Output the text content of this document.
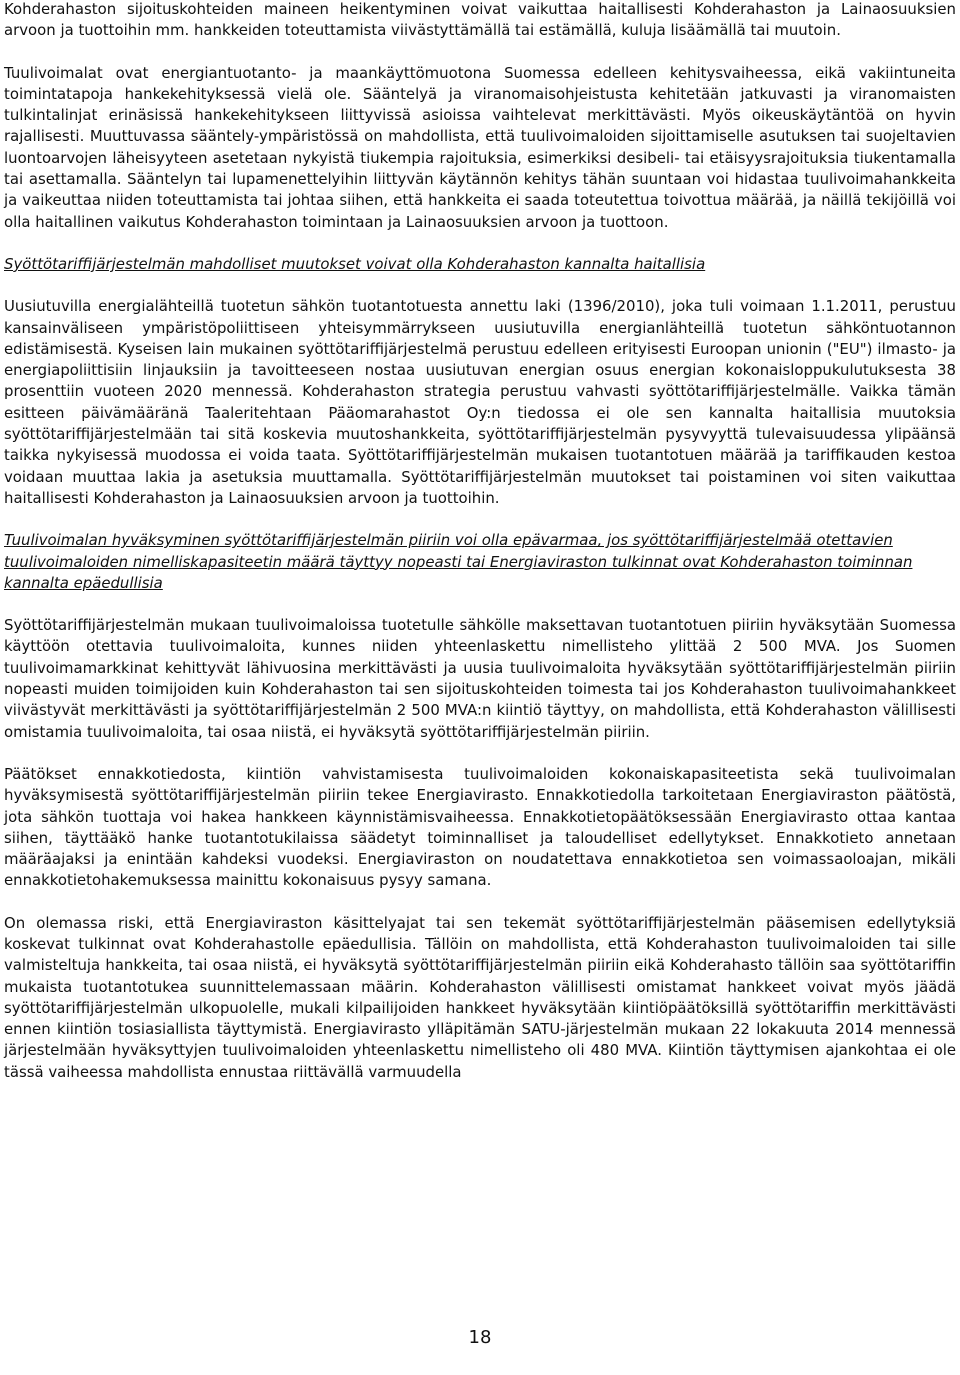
Kohderahaston sijoituskohteiden maineen heikentyminen voivat vaikuttaa haitallisesti Kohderahaston ja Lainaosuuksien arvoon ja tuottoihin mm. hankkeiden toteuttamista viivästyttämällä tai estämällä, kuluja lisäämällä tai muutoin.

Tuulivoimalat ovat energiantuotanto- ja maankäyttömuotona Suomessa edelleen kehitysvaiheessa, eikä vakiintuneita toimintatapoja hankekehityksessä vielä ole. Sääntelyä ja viranomaisohjeistusta kehitetään jatkuvasti ja viranomaisten tulkintalinjat erinäsissä hankekehitykseen liittyvissä asioissa vaihtelevat merkittävästi. Myös oikeuskäytäntöä on hyvin rajallisesti. Muuttuvassa sääntely-ympäristössä on mahdollista, että tuulivoimaloiden sijoittamiselle asutuksen tai suojeltavien luontoarvojen läheisyyteen asetetaan nykyistä tiukempia rajoituksia, esimerkiksi desibeli- tai etäisyysrajoituksia tiukentamalla tai asettamalla. Sääntelyn tai lupamenettelyihin liittyvän käytännön kehitys tähän suuntaan voi hidastaa tuulivoimahankkeita ja vaikeuttaa niiden toteuttamista tai johtaa siihen, että hankkeita ei saada toteutettua toivottua määrää, ja näillä tekijöillä voi olla haitallinen vaikutus Kohderahaston toimintaan ja Lainaosuuksien arvoon ja tuottoon.

Syöttötariffijärjestelmän mahdolliset muutokset voivat olla Kohderahaston kannalta haitallisia

Uusiutuvilla energialähteillä tuotetun sähkön tuotantotuesta annettu laki (1396/2010), joka tuli voimaan 1.1.2011, perustuu kansainväliseen ympäristöpoliittiseen yhteisymmärrykseen uusiutuvilla energianlähteillä tuotetun sähköntuotannon edistämisestä. Kyseisen lain mukainen syöttötariffijärjestelmä perustuu edelleen erityisesti Euroopan unionin ("EU") ilmasto- ja energiapoliittisiin linjauksiin ja tavoitteeseen nostaa uusiutuvan energian osuus energian kokonaisloppukulutuksesta 38 prosenttiin vuoteen 2020 mennessä. Kohderahaston strategia perustuu vahvasti syöttötariffijärjestelmälle. Vaikka tämän esitteen päivämääränä Taaleritehtaan Pääomarahastot Oy:n tiedossa ei ole sen kannalta haitallisia muutoksia syöttötariffijärjestelmään tai sitä koskevia muutoshankkeita, syöttötariffijärjestelmän pysyvyyttä tulevaisuudessa ylipäänsä taikka nykyisessä muodossa ei voida taata. Syöttötariffijärjestelmän mukaisen tuotantotuen määrää ja tariffikauden kestoa voidaan muuttaa lakia ja asetuksia muuttamalla. Syöttötariffijärjestelmän muutokset tai poistaminen voi siten vaikuttaa haitallisesti Kohderahaston ja Lainaosuuksien arvoon ja tuottoihin.

Tuulivoimalan hyväksyminen syöttötariffijärjestelmän piiriin voi olla epävarmaa, jos syöttötariffijärjestelmää otettavien tuulivoimaloiden nimelliskapasiteetin määrä täyttyy nopeasti tai Energiaviraston tulkinnat ovat Kohderahaston toiminnan kannalta epäedullisia

Syöttötariffijärjestelmän mukaan tuulivoimaloissa tuotetulle sähkölle maksettavan tuotantotuen piiriin hyväksytään Suomessa käyttöön otettavia tuulivoimaloita, kunnes niiden yhteenlaskettu nimellisteho ylittää 2 500 MVA. Jos Suomen tuulivoimamarkkinat kehittyvät lähivuosina merkittävästi ja uusia tuulivoimaloita hyväksytään syöttötariffijärjestelmän piiriin nopeasti muiden toimijoiden kuin Kohderahaston tai sen sijoituskohteiden toimesta tai jos Kohderahaston tuulivoimahankkeet viivästyvät merkittävästi ja syöttötariffijärjestelmän 2 500 MVA:n kiintiö täyttyy, on mahdollista, että Kohderahaston välillisesti omistamia tuulivoimaloita, tai osaa niistä, ei hyväksytä syöttötariffijärjestelmän piiriin.

Päätökset ennakkotiedosta, kiintiön vahvistamisesta tuulivoimaloiden kokonaiskapasiteetista sekä tuulivoimalan hyväksymisestä syöttötariffijärjestelmän piiriin tekee Energiavirasto. Ennakkotiedolla tarkoitetaan Energiaviraston päätöstä, jota sähkön tuottaja voi hakea hankkeen käynnistämisvaiheessa. Ennakkotietopäätöksessään Energiavirasto ottaa kantaa siihen, täyttääkö hanke tuotantotukilaissa säädetyt toiminnalliset ja taloudelliset edellytykset. Ennakkotieto annetaan määräajaksi ja enintään kahdeksi vuodeksi. Energiaviraston on noudatettava ennakkotietoa sen voimassaoloajan, mikäli ennakkotietohakemuksessa mainittu kokonaisuus pysyy samana.

On olemassa riski, että Energiaviraston käsittelyajat tai sen tekemät syöttötariffijärjestelmän pääsemisen edellytyksiä koskevat tulkinnat ovat Kohderahastolle epäedullisia. Tällöin on mahdollista, että Kohderahaston tuulivoimaloiden tai sille valmisteltuja hankkeita, tai osaa niistä, ei hyväksytä syöttötariffijärjestelmän piiriin eikä Kohderahasto tällöin saa syöttötariffin mukaista tuotantotukea suunnittelemassaan määrin. Kohderahaston välillisesti omistamat hankkeet voivat myös jäädä syöttötariffijärjestelmän ulkopuolelle, mukali kilpailijoiden hankkeet hyväksytään kiintiöpäätöksillä syöttötariffin merkittävästi ennen kiintiön tosiasiallista täyttymistä. Energiavirasto ylläpitämän SATU-järjestelmän mukaan 22 lokakuuta 2014 mennessä järjestelmään hyväksyttyjen tuulivoimaloiden yhteenlaskettu nimellisteho oli 480 MVA. Kiintiön täyttymisen ajankohtaa ei ole tässä vaiheessa mahdollista ennustaa riittävällä varmuudella

18
